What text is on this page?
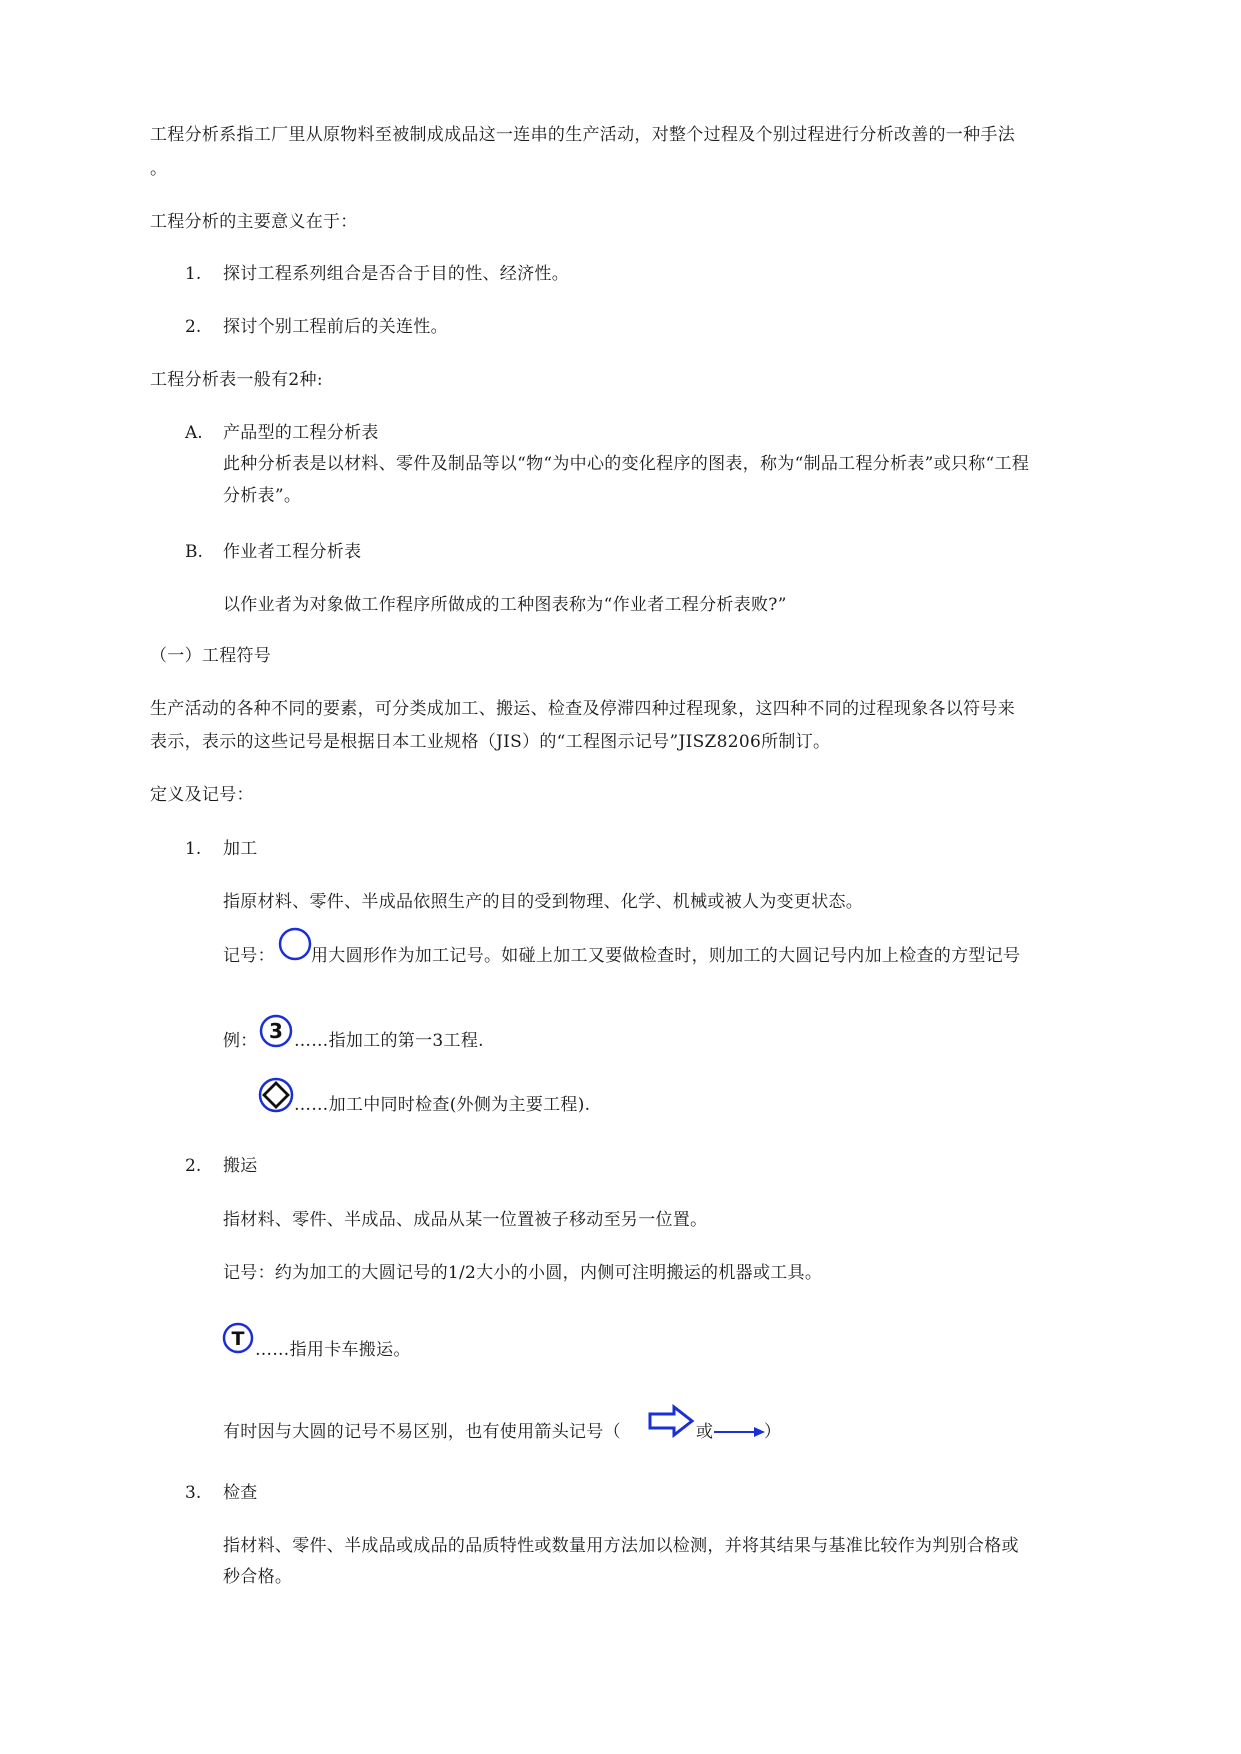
工程分析系指工厂里从原物料至被制成成品这一连串的生产活动，对整个过程及个别过程进行分析改善的一种手法
。
工程分析的主要意义在于：
1. 探讨工程系列组合是否合于目的性、经济性。
2. 探讨个别工程前后的关连性。
工程分析表一般有2种:
A. 产品型的工程分析表
此种分析表是以材料、零件及制品等以“物“为中心的变化程序的图表，称为“制品工程分析表”或只称“工程
分析表”。
B. 作业者工程分析表
以作业者为对象做工作程序所做成的工种图表称为“作业者工程分析表败?”
（一）工程符号
生产活动的各种不同的要素，可分类成加工、搬运、检查及停滞四种过程现象，这四种不同的过程现象各以符号来
表示，表示的这些记号是根据日本工业规格（JIS）的“工程图示记号”JISZ8206所制订。
定义及记号：
1. 加工
指原材料、零件、半成品依照生产的目的受到物理、化学、机械或被人为变更状态。
记号： 用大圆形作为加工记号。如碰上加工又要做检查时，则加工的大圆记号内加上检查的方型记号
例： 3 ……指加工的第一3工程.
……加工中同时检查(外侧为主要工程).
2. 搬运
指材料、零件、半成品、成品从某一位置被子移动至另一位置。
记号：约为加工的大圆记号的1/2大小的小圆，内侧可注明搬运的机器或工具。
T ……指用卡车搬运。
有时因与大圆的记号不易区别，也有使用箭头记号（	或	）
3. 检查
指材料、零件、半成品或成品的品质特性或数量用方法加以检测，并将其结果与基准比较作为判别合格或
秒合格。
